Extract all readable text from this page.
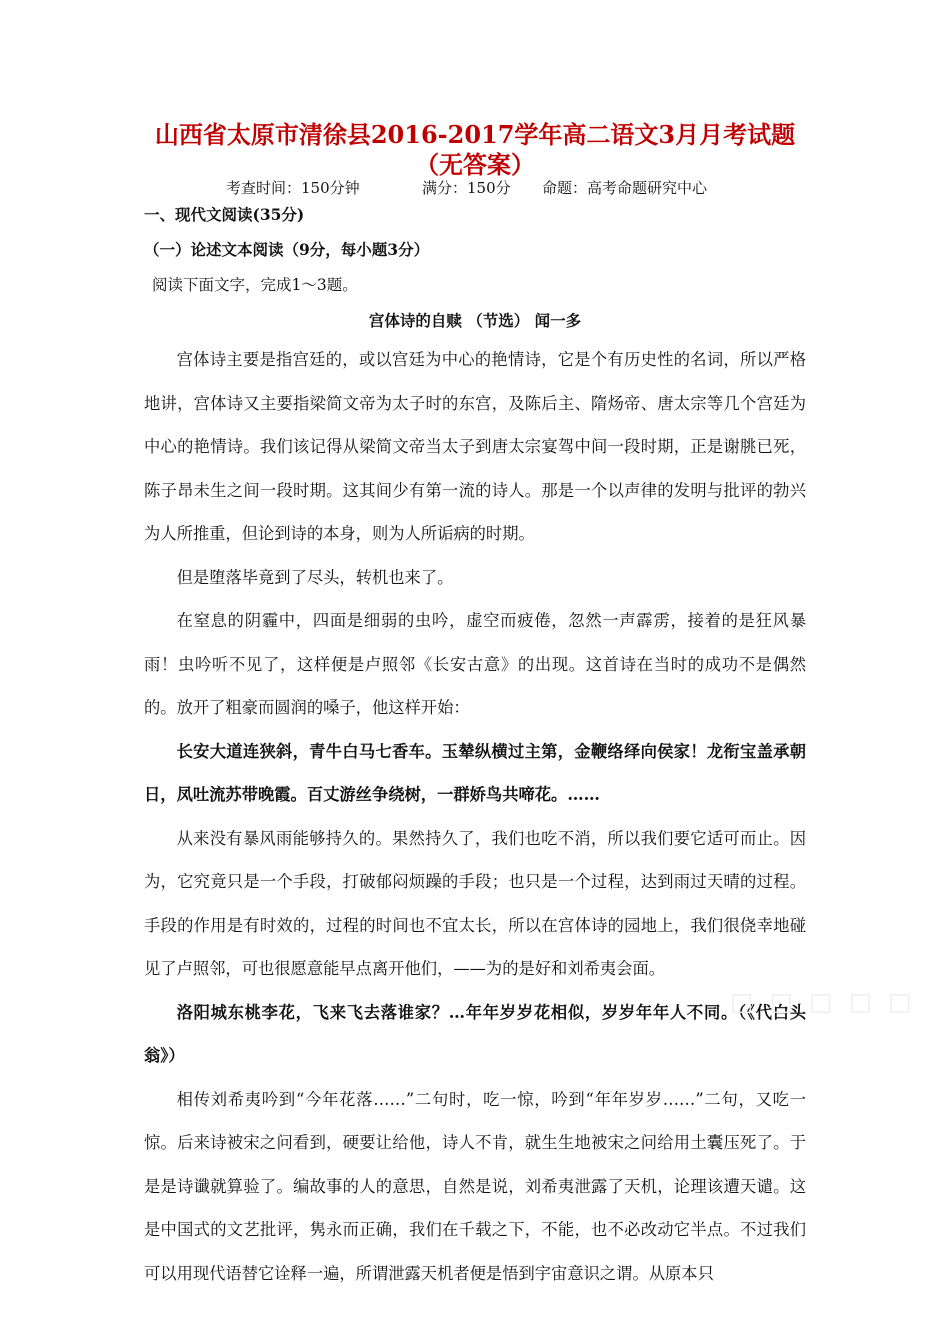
山西省太原市清徐县2016-2017学年高二语文3月月考试题（无答案）
考查时间：150分钟	满分：150分 命题：高考命题研究中心
一、现代文阅读(35分)
（一）论述文本阅读（9分，每小题3分）
阅读下面文字，完成1～3题。
宫体诗的自赎 （节选） 闻一多

宫体诗主要是指宫廷的，或以宫廷为中心的艳情诗，它是个有历史性的名词，所以严格地讲，宫体诗又主要指梁简文帝为太子时的东宫，及陈后主、隋炀帝、唐太宗等几个宫廷为中心的艳情诗。我们该记得从梁简文帝当太子到唐太宗宴驾中间一段时期，正是谢朓已死，陈子昂未生之间一段时期。这其间少有第一流的诗人。那是一个以声律的发明与批评的勃兴为人所推重，但论到诗的本身，则为人所诟病的时期。

但是堕落毕竟到了尽头，转机也来了。

在窒息的阴霾中，四面是细弱的虫吟，虚空而疲倦，忽然一声霹雳，接着的是狂风暴雨！虫吟听不见了，这样便是卢照邻《长安古意》的出现。这首诗在当时的成功不是偶然的。放开了粗豪而圆润的嗓子，他这样开始：

长安大道连狭斜，青牛白马七香车。玉辇纵横过主第，金鞭络绎向侯家！龙衔宝盖承朝日，凤吐流苏带晚霞。百丈游丝争绕树，一群娇鸟共啼花。……

从来没有暴风雨能够持久的。果然持久了，我们也吃不消，所以我们要它适可而止。因为，它究竟只是一个手段，打破郁闷烦躁的手段；也只是一个过程，达到雨过天晴的过程。手段的作用是有时效的，过程的时间也不宜太长，所以在宫体诗的园地上，我们很侥幸地碰见了卢照邻，可也很愿意能早点离开他们，——为的是好和刘希夷会面。

洛阳城东桃李花，飞来飞去落谁家？…年年岁岁花相似，岁岁年年人不同。（《代白头翁》）

相传刘希夷吟到“今年花落……”二句时，吃一惊，吟到“年年岁岁……”二句，又吃一惊。后来诗被宋之问看到，硬要让给他，诗人不肯，就生生地被宋之问给用土囊压死了。于是是诗谶就算验了。编故事的人的意思，自然是说，刘希夷泄露了天机，论理该遭天谴。这是中国式的文艺批评，隽永而正确，我们在千载之下，不能，也不必改动它半点。不过我们可以用现代语替它诠释一遍，所谓泄露天机者便是悟到宇宙意识之谓。从原本只

☐ ☐ ☐ ☐ ☐
